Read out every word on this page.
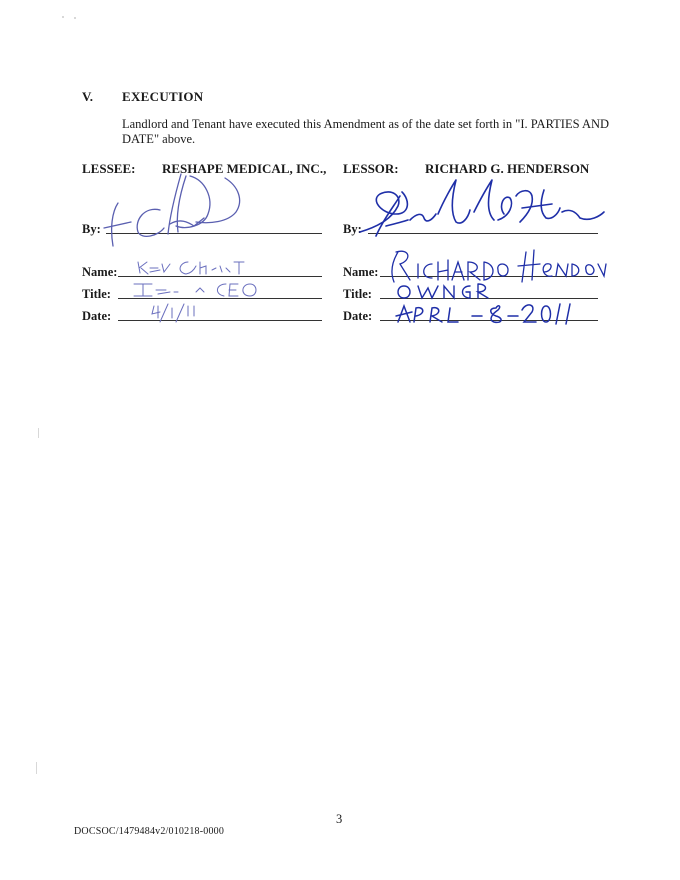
V. EXECUTION
Landlord and Tenant have executed this Amendment as of the date set forth in "I. PARTIES AND DATE" above.
LESSEE: RESHAPE MEDICAL, INC.,
By:
Name:
Title:
Date:
LESSOR: RICHARD G. HENDERSON
By:
Name:
Title:
Date:
3
DOCSOC/1479484v2/010218-0000
